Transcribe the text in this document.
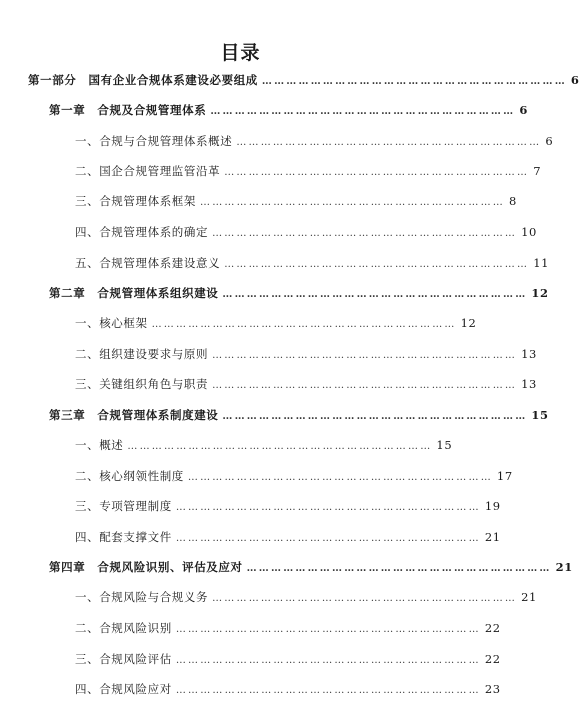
目录
第一部分　国有企业合规体系建设必要组成 ………………………………………………………………… 6
第一章　合规及合规管理体系 ………………………………………………………………… 6
一、合规与合规管理体系概述 ………………………………………………………………… 6
二、国企合规管理监管沿革 ………………………………………………………………… 7
三、合规管理体系框架 ………………………………………………………………… 8
四、合规管理体系的确定 ………………………………………………………………… 10
五、合规管理体系建设意义 ………………………………………………………………… 11
第二章　合规管理体系组织建设 ………………………………………………………………… 12
一、核心框架 ………………………………………………………………… 12
二、组织建设要求与原则 ………………………………………………………………… 13
三、关键组织角色与职责 ………………………………………………………………… 13
第三章　合规管理体系制度建设 ………………………………………………………………… 15
一、概述 ………………………………………………………………… 15
二、核心纲领性制度 ………………………………………………………………… 17
三、专项管理制度 ………………………………………………………………… 19
四、配套支撑文件 ………………………………………………………………… 21
第四章　合规风险识别、评估及应对 ………………………………………………………………… 21
一、合规风险与合规义务 ………………………………………………………………… 21
二、合规风险识别 ………………………………………………………………… 22
三、合规风险评估 ………………………………………………………………… 22
四、合规风险应对 ………………………………………………………………… 23
